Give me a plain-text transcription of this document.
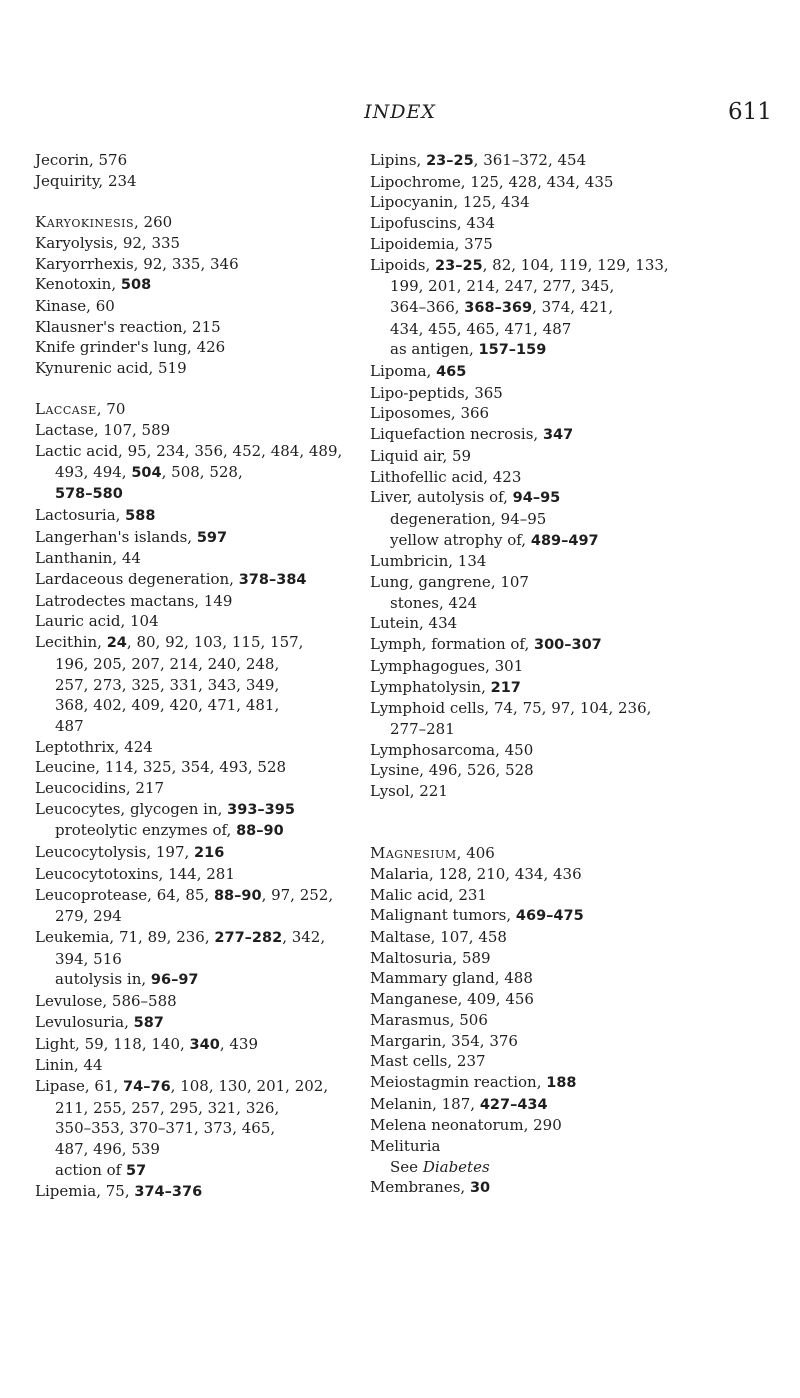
INDEX	611
Jecorin, 576
Jequirity, 234
Karyokinesis, 260
Karyolysis, 92, 335
Karyorrhexis, 92, 335, 346
Kenotoxin, 508
Kinase, 60
Klausner's reaction, 215
Knife grinder's lung, 426
Kynurenic acid, 519
Laccase, 70
Lactase, 107, 589
Lactic acid, 95, 234, 356, 452, 484, 489,
493, 494, 504, 508, 528,
578–580
Lactosuria, 588
Langerhan's islands, 597
Lanthanin, 44
Lardaceous degeneration, 378–384
Latrodectes mactans, 149
Lauric acid, 104
Lecithin, 24, 80, 92, 103, 115, 157,
196, 205, 207, 214, 240, 248,
257, 273, 325, 331, 343, 349,
368, 402, 409, 420, 471, 481,
487
Leptothrix, 424
Leucine, 114, 325, 354, 493, 528
Leucocidins, 217
Leucocytes, glycogen in, 393–395
proteolytic enzymes of, 88–90
Leucocytolysis, 197, 216
Leucocytotoxins, 144, 281
Leucoprotease, 64, 85, 88–90, 97, 252,
279, 294
Leukemia, 71, 89, 236, 277–282, 342,
394, 516
autolysis in, 96–97
Levulose, 586–588
Levulosuria, 587
Light, 59, 118, 140, 340, 439
Linin, 44
Lipase, 61, 74–76, 108, 130, 201, 202,
211, 255, 257, 295, 321, 326,
350–353, 370–371, 373, 465,
487, 496, 539
action of 57
Lipemia, 75, 374–376
Lipins, 23–25, 361–372, 454
Lipochrome, 125, 428, 434, 435
Lipocyanin, 125, 434
Lipofuscins, 434
Lipoidemia, 375
Lipoids, 23–25, 82, 104, 119, 129, 133,
199, 201, 214, 247, 277, 345,
364–366, 368–369, 374, 421,
434, 455, 465, 471, 487
as antigen, 157–159
Lipoma, 465
Lipo-peptids, 365
Liposomes, 366
Liquefaction necrosis, 347
Liquid air, 59
Lithofellic acid, 423
Liver, autolysis of, 94–95
degeneration, 94–95
yellow atrophy of, 489–497
Lumbricin, 134
Lung, gangrene, 107
stones, 424
Lutein, 434
Lymph, formation of, 300–307
Lymphagogues, 301
Lymphatolysin, 217
Lymphoid cells, 74, 75, 97, 104, 236,
277–281
Lymphosarcoma, 450
Lysine, 496, 526, 528
Lysol, 221
Magnesium, 406
Malaria, 128, 210, 434, 436
Malic acid, 231
Malignant tumors, 469–475
Maltase, 107, 458
Maltosuria, 589
Mammary gland, 488
Manganese, 409, 456
Marasmus, 506
Margarin, 354, 376
Mast cells, 237
Meiostagmin reaction, 188
Melanin, 187, 427–434
Melena neonatorum, 290
Melituria
See Diabetes
Membranes, 30
